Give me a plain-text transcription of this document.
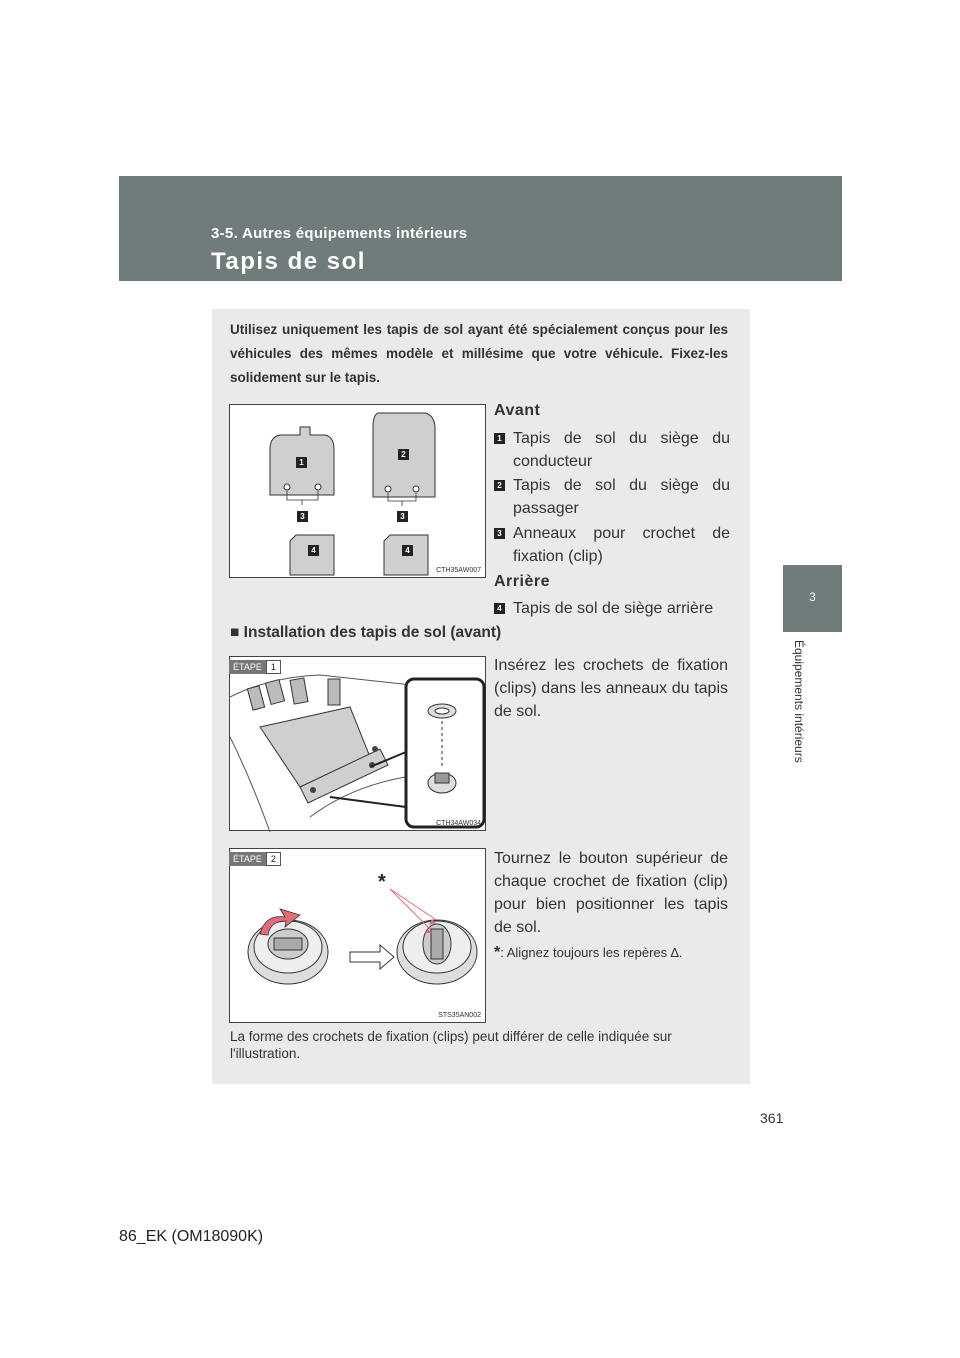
3-5. Autres équipements intérieurs
Tapis de sol
3
Équipements intérieurs
Utilisez uniquement les tapis de sol ayant été spécialement conçus pour les véhicules des mêmes modèle et millésime que votre véhicule. Fixez-les solidement sur le tapis.
1
2
3	3
4	4
CTH35AW007
Avant
1 Tapis de sol du siège du conducteur
2 Tapis de sol du siège du passager
3 Anneaux pour crochet de fixation (clip)
Arrière
4 Tapis de sol de siège arrière
■ Installation des tapis de sol (avant)
CTH34AW034
ÉTAPE	1	Insérez les crochets de fixation (clips) dans les anneaux du tapis de sol.
*
STS35AN002
ÉTAPE	2	Tournez le bouton supérieur de chaque crochet de fixation (clip) pour bien positionner les tapis de sol.
*: Alignez toujours les repères ∆.
La forme des crochets de fixation (clips) peut différer de celle indiquée sur l'illustration.
361
86_EK (OM18090K)
